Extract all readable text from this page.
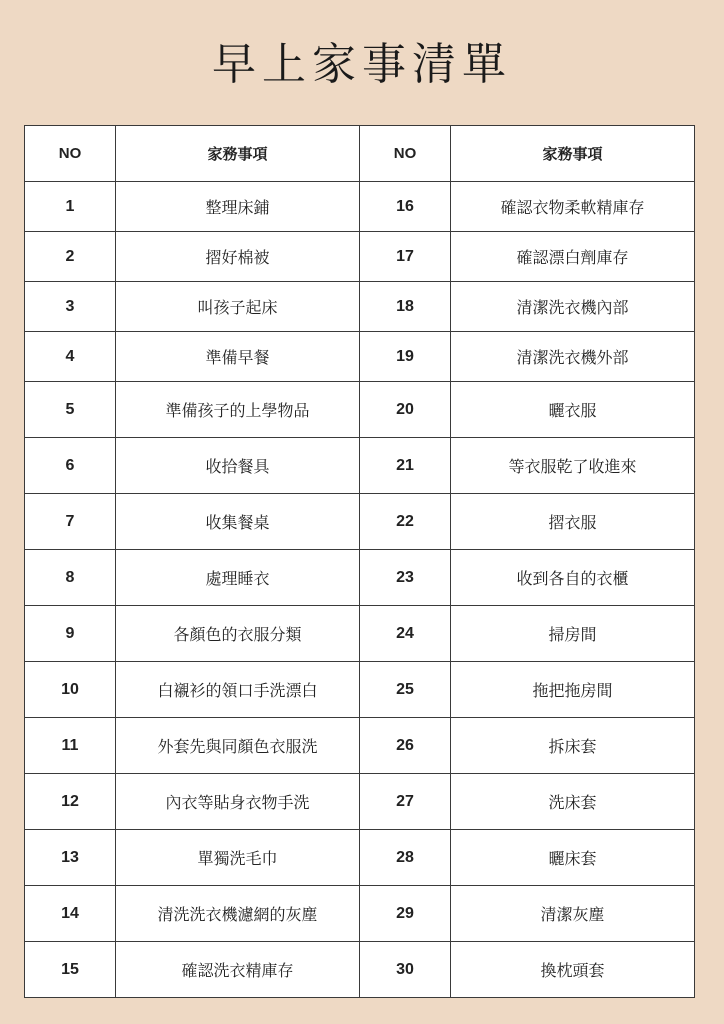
早上家事清單
NO	家務事項	NO	家務事項
1	整理床鋪	16	確認衣物柔軟精庫存
2	摺好棉被	17	確認漂白劑庫存
3	叫孩子起床	18	清潔洗衣機內部
4	準備早餐	19	清潔洗衣機外部
5	準備孩子的上學物品	20	曬衣服
6	收拾餐具	21	等衣服乾了收進來
7	收集餐桌	22	摺衣服
8	處理睡衣	23	收到各自的衣櫃
9	各顏色的衣服分類	24	掃房間
10	白襯衫的領口手洗漂白	25	拖把拖房間
11	外套先與同顏色衣服洗	26	拆床套
12	內衣等貼身衣物手洗	27	洗床套
13	單獨洗毛巾	28	曬床套
14	清洗洗衣機濾網的灰塵	29	清潔灰塵
15	確認洗衣精庫存	30	換枕頭套
